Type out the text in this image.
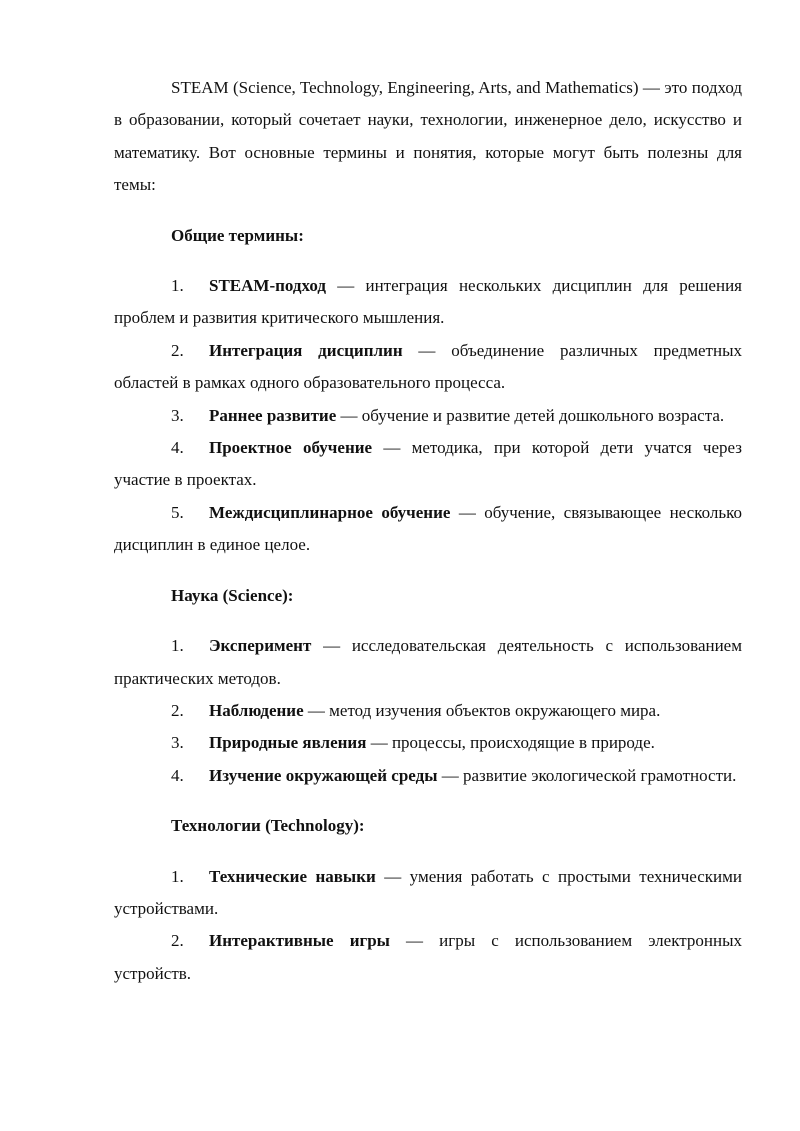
STEAM (Science, Technology, Engineering, Arts, and Mathematics) — это подход в образовании, который сочетает науки, технологии, инженерное дело, искусство и математику. Вот основные термины и понятия, которые могут быть полезны для темы:

Общие термины:

1. STEAM-подход — интеграция нескольких дисциплин для решения проблем и развития критического мышления.
2. Интеграция дисциплин — объединение различных предметных областей в рамках одного образовательного процесса.
3. Раннее развитие — обучение и развитие детей дошкольного возраста.
4. Проектное обучение — методика, при которой дети учатся через участие в проектах.
5. Междисциплинарное обучение — обучение, связывающее несколько дисциплин в единое целое.

Наука (Science):

1. Эксперимент — исследовательская деятельность с использованием практических методов.
2. Наблюдение — метод изучения объектов окружающего мира.
3. Природные явления — процессы, происходящие в природе.
4. Изучение окружающей среды — развитие экологической грамотности.

Технологии (Technology):

1. Технические навыки — умения работать с простыми техническими устройствами.
2. Интерактивные игры — игры с использованием электронных устройств.
